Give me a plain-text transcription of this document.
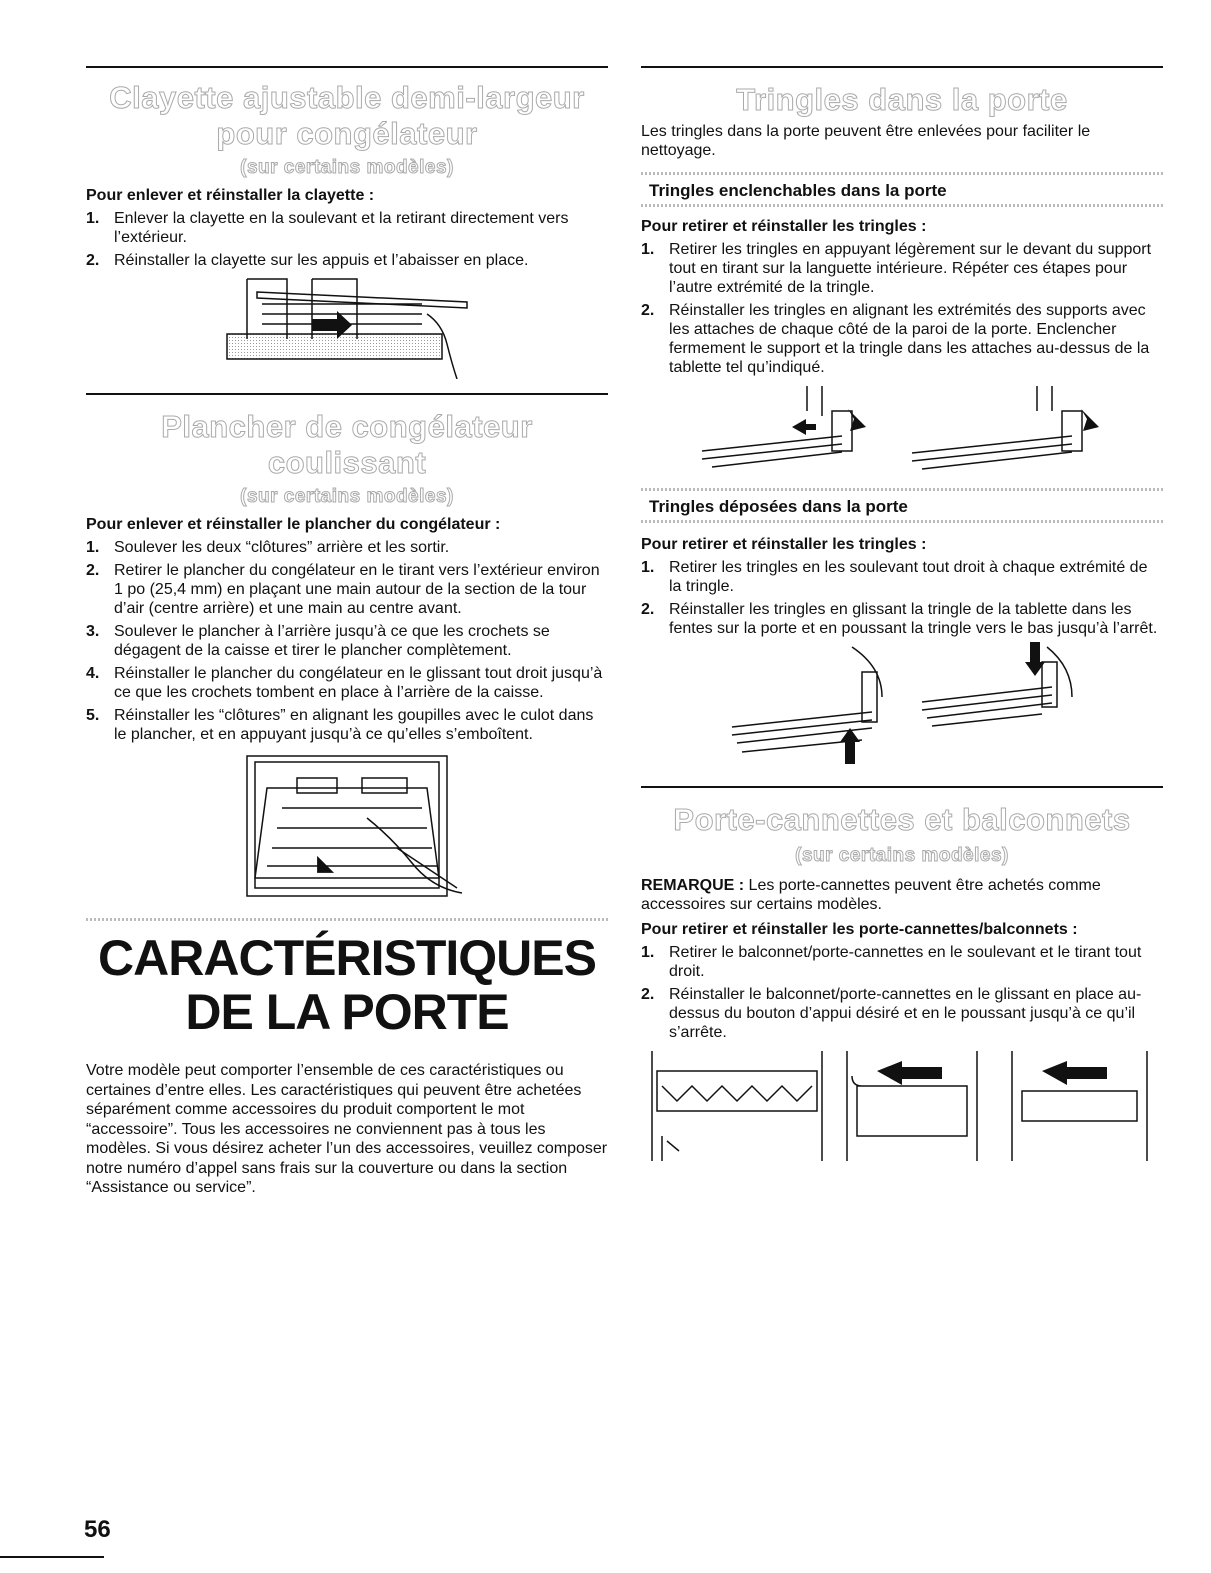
Clayette ajustable demi-largeur
pour congélateur
(sur certains modèles)

Pour enlever et réinstaller la clayette :

1. Enlever la clayette en la soulevant et la retirant directement vers l’extérieur.
2. Réinstaller la clayette sur les appuis et l’abaisser en place.
Plancher de congélateur coulissant
(sur certains modèles)

Pour enlever et réinstaller le plancher du congélateur :

1. Soulever les deux “clôtures” arrière et les sortir.
2. Retirer le plancher du congélateur en le tirant vers l’extérieur environ 1 po (25,4 mm) en plaçant une main autour de la section de la tour d’air (centre arrière) et une main au centre avant.
3. Soulever le plancher à l’arrière jusqu’à ce que les crochets se dégagent de la caisse et tirer le plancher complètement.
4. Réinstaller le plancher du congélateur en le glissant tout droit jusqu’à ce que les crochets tombent en place à l’arrière de la caisse.
5. Réinstaller les “clôtures” en alignant les goupilles avec le culot dans le plancher, et en appuyant jusqu’à ce qu’elles s’emboîtent.
CARACTÉRISTIQUES
DE LA PORTE

Votre modèle peut comporter l’ensemble de ces caractéristiques ou certaines d’entre elles. Les caractéristiques qui peuvent être achetées séparément comme accessoires du produit comportent le mot “accessoire”. Tous les accessoires ne conviennent pas à tous les modèles. Si vous désirez acheter l’un des accessoires, veuillez composer notre numéro d’appel sans frais sur la couverture ou dans la section “Assistance ou service”.

Tringles dans la porte

Les tringles dans la porte peuvent être enlevées pour faciliter le nettoyage.

Tringles enclenchables dans la porte

Pour retirer et réinstaller les tringles :

1. Retirer les tringles en appuyant légèrement sur le devant du support tout en tirant sur la languette intérieure. Répéter ces étapes pour l’autre extrémité de la tringle.
2. Réinstaller les tringles en alignant les extrémités des supports avec les attaches de chaque côté de la paroi de la porte. Enclencher fermement le support et la tringle dans les attaches au-dessus de la tablette tel qu’indiqué.

Tringles déposées dans la porte

Pour retirer et réinstaller les tringles :

1. Retirer les tringles en les soulevant tout droit à chaque extrémité de la tringle.
2. Réinstaller les tringles en glissant la tringle de la tablette dans les fentes sur la porte et en poussant la tringle vers le bas jusqu’à l’arrêt.
Porte-cannettes et balconnets
(sur certains modèles)

REMARQUE : Les porte-cannettes peuvent être achetés comme accessoires sur certains modèles.

Pour retirer et réinstaller les porte-cannettes/balconnets :

1. Retirer le balconnet/porte-cannettes en le soulevant et le tirant tout droit.
2. Réinstaller le balconnet/porte-cannettes en le glissant en place au-dessus du bouton d’appui désiré et en le poussant jusqu’à ce qu’il s’arrête.
56
